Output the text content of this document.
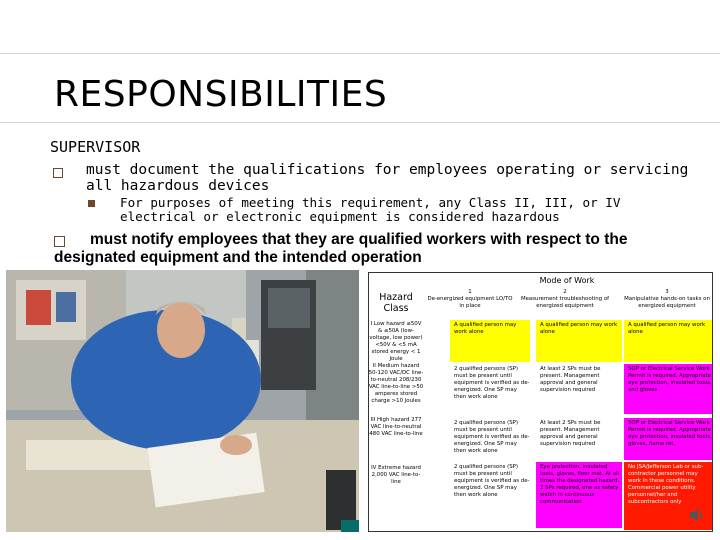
RESPONSIBILITIES
SUPERVISOR
must document the qualifications for employees operating or servicing all hazardous devices
For purposes of meeting this requirement, any Class II, III, or IV electrical or electronic equipment is considered hazardous
must notify employees that they are qualified workers with respect to the designated equipment and the intended operation
Mode of Work
Hazard Class
1
De-energized equipment LO/TO in place
2
Measurement troubleshooting of energized equipment
3
Manipulative hands-on tasks on energized equipment
I Low hazard ≤50V & ≤50A (low-voltage, low power) <50V & <5 mA stored energy < 1 Joule
A qualified person may work alone
A qualified person may work alone
A qualified person may work alone
II Medium hazard 50-120 VAC/DC line-to-neutral 208/230 VAC line-to-line >50 amperes stored charge >10 Joules
2 qualified persons (SP) must be present until equipment is verified as de-energized. One SP may then work alone
At least 2 SPs must be present. Management approval and general supervision required
SOP or Electrical Service Work Permit is required. Appropriate eye protection, insulated tools, and gloves
III High hazard 277 VAC line-to-neutral 480 VAC line-to-line
2 qualified persons (SP) must be present until equipment is verified as de-energized. One SP may then work alone
At least 2 SPs must be present. Management approval and general supervision required
SOP or Electrical Service Work Permit is required. Appropriate eye protection, insulated tools, gloves, flame ret.
IV Extreme hazard 2,000 VAC line-to-line
2 qualified persons (SP) must be present until equipment is verified as de-energized. One SP may then work alone
Eye protection, insulated tools, gloves, floor mat. At all times the designated hazard. 2 SPs required, one as safety watch in continuous communication
No JSA/Jefferson Lab or sub-contractor personnel may work in these conditions. Commercial power utility personnel/her and subcontractors only
